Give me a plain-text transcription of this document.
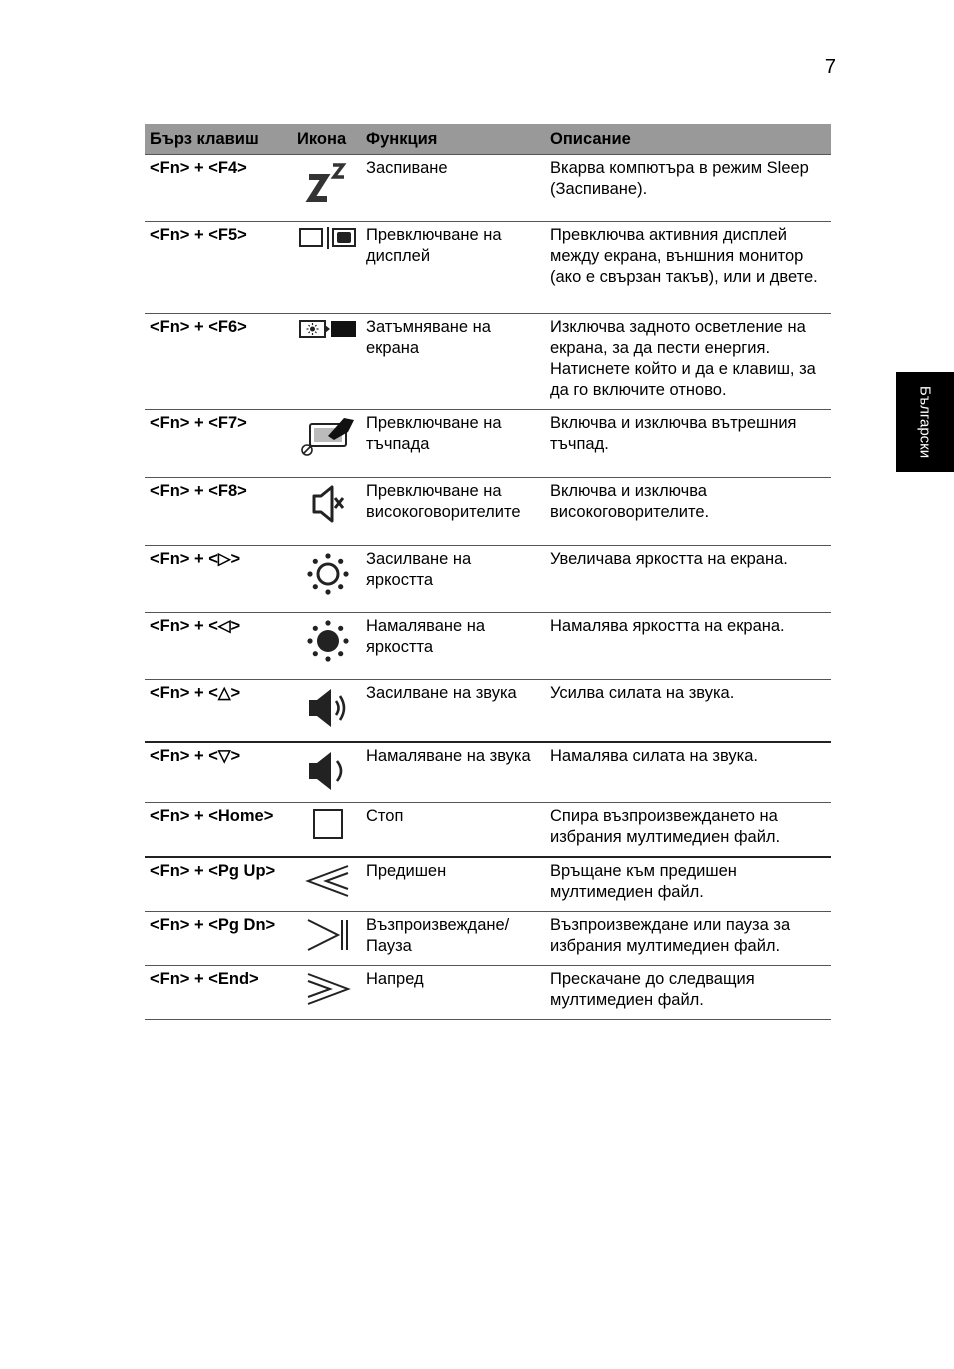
7
Български
Бърз клавиш	Икона	Функция	Описание
<Fn> + <F4>		Заспиване	Вкарва компютъра в режим Sleep (Заспиване).
<Fn> + <F5>		Превключване на дисплей	Превключва активния дисплей между екрана, външния монитор (ако е свързан такъв), или и двете.
<Fn> + <F6>		Затъмняване на екрана	Изключва задното осветление на екрана, за да пести енергия. Натиснете който и да е клавиш, за да го включите отново.
<Fn> + <F7>		Превключване на тъчпада	Включва и изключва вътрешния тъчпад.
<Fn> + <F8>		Превключване на високоговорителите	Включва и изключва високоговорителите.
<Fn> + <▷>		Засилване на яркостта	Увеличава яркостта на екрана.
<Fn> + <◁>		Намаляване на яркостта	Намалява яркостта на екрана.
<Fn> + <△>		Засилване на звука	Усилва силата на звука.
<Fn> + <▽>		Намаляване на звука	Намалява силата на звука.
<Fn> + <Home>		Стоп	Спира възпроизвеждането на избрания мултимедиен файл.
<Fn> + <Pg Up>		Предишен	Връщане към предишен мултимедиен файл.
<Fn> + <Pg Dn>		Възпроизвеждане/ Пауза	Възпроизвеждане или пауза за избрания мултимедиен файл.
<Fn> + <End>		Напред	Прескачане до следващия мултимедиен файл.
